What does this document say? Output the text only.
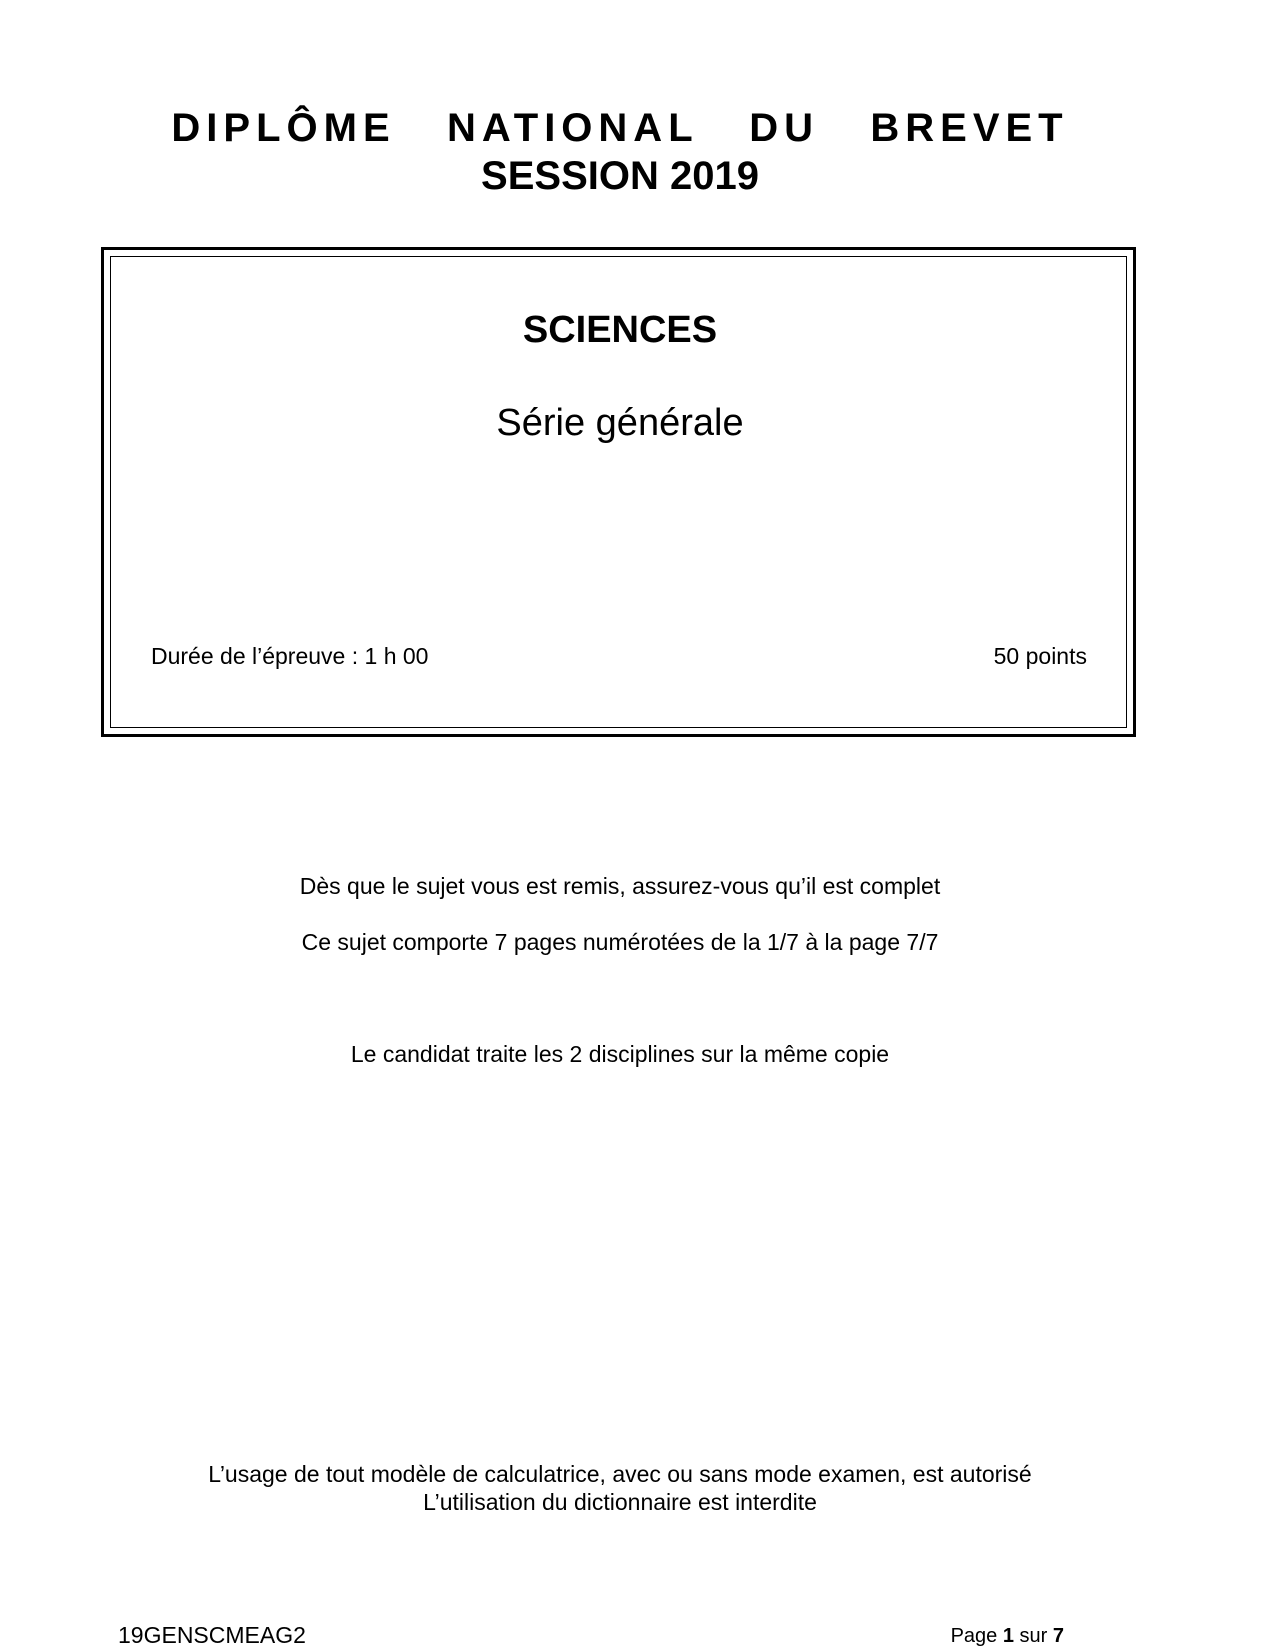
DIPLÔME   NATIONAL   DU   BREVET
SESSION 2019
SCIENCES
Série générale
Durée de l’épreuve : 1 h 00	50 points
Dès que le sujet vous est remis, assurez-vous qu’il est complet
Ce sujet comporte 7 pages numérotées de la 1/7 à la page 7/7
Le candidat traite les 2 disciplines sur la même copie
L’usage de tout modèle de calculatrice, avec ou sans mode examen, est autorisé
L’utilisation du dictionnaire est interdite
19GENSCMEAG2	Page 1 sur 7
